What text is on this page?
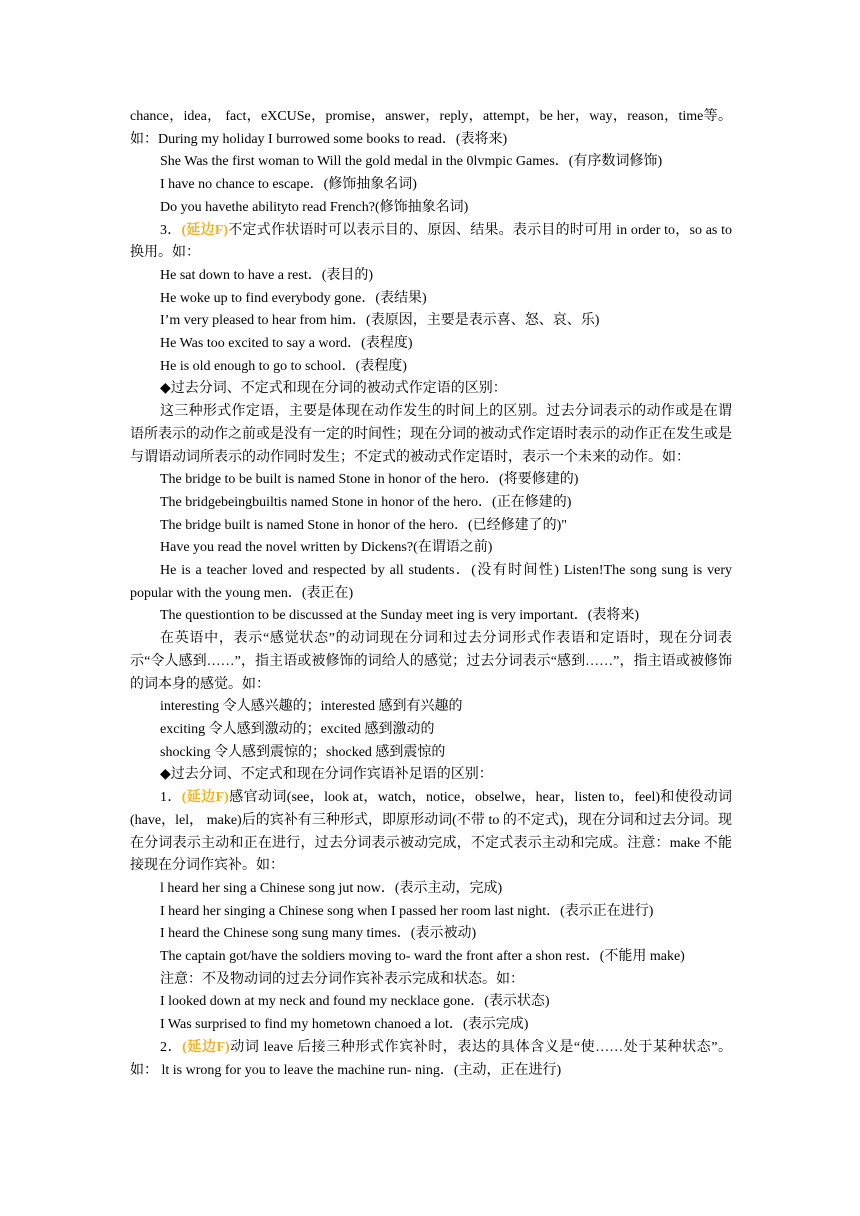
chance，idea， fact，eXCUSe，promise，answer，reply，attempt，be her，way，reason，time等。如：During my holiday I burrowed some books to read．(表将来)

She Was the first woman to Will the gold medal in the 0lvmpic Games．(有序数词修饰)

I have no chance to escape．(修饰抽象名词)

Do you havethe abilityto read French?(修饰抽象名词)

3．(延边F)不定式作状语时可以表示目的、原因、结果。表示目的时可用 in order to，so as to 换用。如：

He sat down to have a rest．(表目的)

He woke up to find everybody gone．(表结果)

I’m very pleased to hear from him．(表原因，主要是表示喜、怒、哀、乐)

He Was too excited to say a word．(表程度)

He is old enough to go to school．(表程度)

◆过去分词、不定式和现在分词的被动式作定语的区别：

这三种形式作定语，主要是体现在动作发生的时间上的区别。过去分词表示的动作或是在谓语所表示的动作之前或是没有一定的时间性；现在分词的被动式作定语时表示的动作正在发生或是与谓语动词所表示的动作同时发生；不定式的被动式作定语时，表示一个未来的动作。如：

The bridge to be built is named Stone in honor of the hero．(将要修建的)

The bridgebeingbuiltis named Stone in honor of the hero．(正在修建的)

The bridge built is named Stone in honor of the hero．(已经修建了的)"

Have you read the novel written by Dickens?(在谓语之前)

He is a teacher loved and respected by all students．(没有时间性) Listen!The song sung is very popular with the young men．(表正在)

The questiontion to be discussed at the Sunday meet ing is very important．(表将来)

在英语中，表示“感觉状态”的动词现在分词和过去分词形式作表语和定语时，现在分词表示“令人感到……”，指主语或被修饰的词给人的感觉；过去分词表示“感到……”，指主语或被修饰的词本身的感觉。如：

interesting 令人感兴趣的；interested 感到有兴趣的

exciting 令人感到激动的；excited 感到激动的

shocking 令人感到震惊的；shocked 感到震惊的

◆过去分词、不定式和现在分词作宾语补足语的区别：

1．(延边F)感官动词(see，look at，watch，notice，obselwe，hear，listen to，feel)和使役动词(have，lel， make)后的宾补有三种形式，即原形动词(不带 to 的不定式)，现在分词和过去分词。现在分词表示主动和正在进行，过去分词表示被动完成，不定式表示主动和完成。注意：make 不能接现在分词作宾补。如：

l heard her sing a Chinese song jut now．(表示主动，完成)

I heard her singing a Chinese song when I passed her room last night．(表示正在进行)

I heard the Chinese song sung many times．(表示被动)

The captain got/have the soldiers moving to- ward the front after a shon rest．(不能用 make)

注意：不及物动词的过去分词作宾补表示完成和状态。如：

I looked down at my neck and found my necklace gone．(表示状态)

I Was surprised to find my hometown chanoed a lot．(表示完成)

2．(延边F)动词 leave 后接三种形式作宾补时，表达的具体含义是“使……处于某种状态”。如： lt is wrong for you to leave the machine run- ning．(主动，正在进行)
